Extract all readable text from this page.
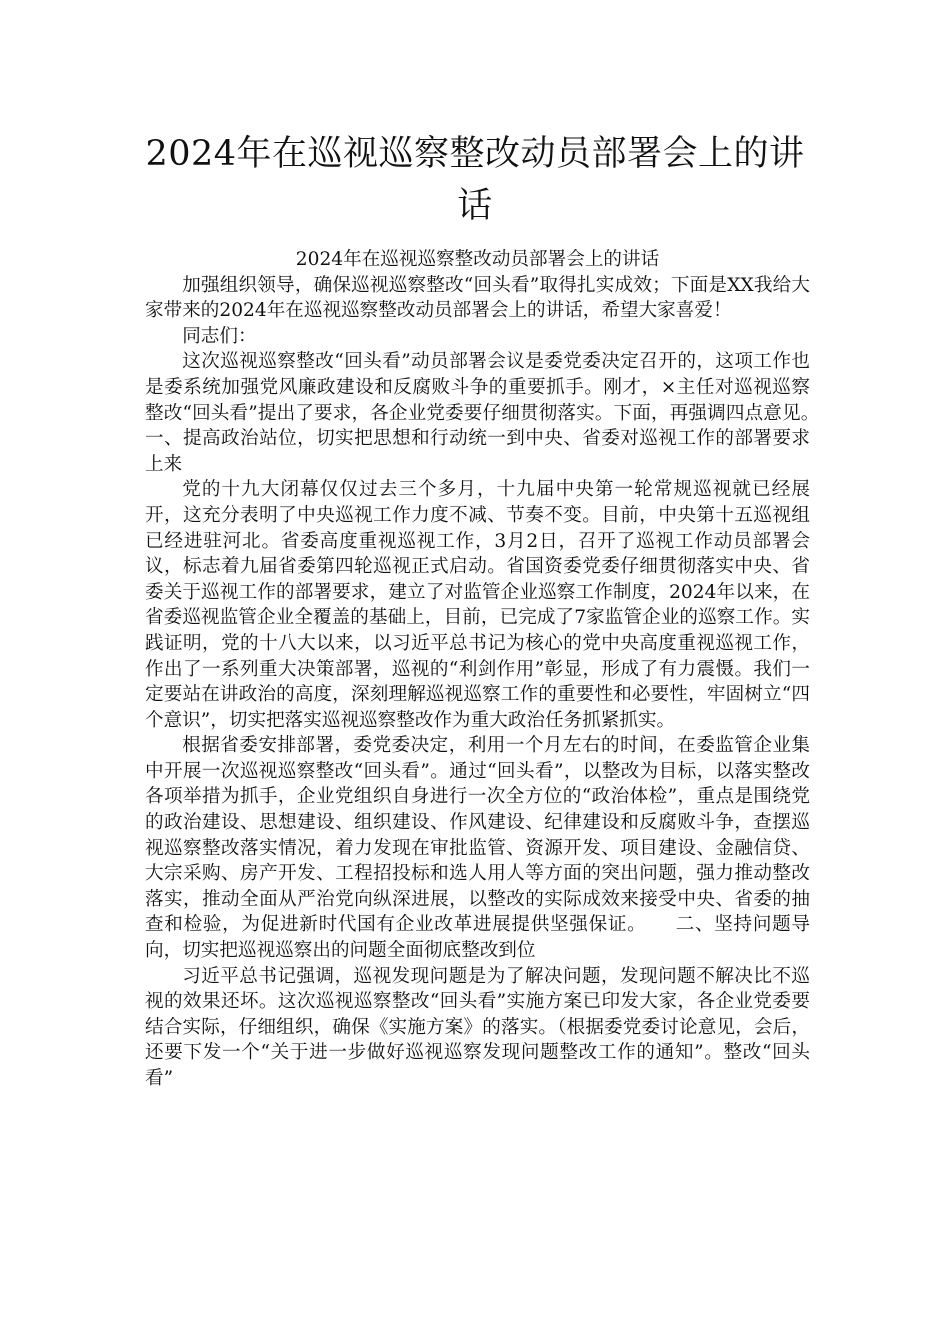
2024年在巡视巡察整改动员部署会上的讲话

2024年在巡视巡察整改动员部署会上的讲话

加强组织领导，确保巡视巡察整改“回头看”取得扎实成效；下面是XX我给大家带来的2024年在巡视巡察整改动员部署会上的讲话，希望大家喜爱！

同志们：

这次巡视巡察整改“回头看”动员部署会议是委党委决定召开的，这项工作也是委系统加强党风廉政建设和反腐败斗争的重要抓手。刚才，×主任对巡视巡察整改“回头看”提出了要求，各企业党委要仔细贯彻落实。下面，再强调四点意见。　　一、提高政治站位，切实把思想和行动统一到中央、省委对巡视工作的部署要求上来

党的十九大闭幕仅仅过去三个多月，十九届中央第一轮常规巡视就已经展开，这充分表明了中央巡视工作力度不减、节奏不变。目前，中央第十五巡视组已经进驻河北。省委高度重视巡视工作，3月2日，召开了巡视工作动员部署会议，标志着九届省委第四轮巡视正式启动。省国资委党委仔细贯彻落实中央、省委关于巡视工作的部署要求，建立了对监管企业巡察工作制度，2024年以来，在省委巡视监管企业全覆盖的基础上，目前，已完成了7家监管企业的巡察工作。实践证明，党的十八大以来，以习近平总书记为核心的党中央高度重视巡视工作，作出了一系列重大决策部署，巡视的“利剑作用”彰显，形成了有力震慑。我们一定要站在讲政治的高度，深刻理解巡视巡察工作的重要性和必要性，牢固树立“四个意识”，切实把落实巡视巡察整改作为重大政治任务抓紧抓实。

根据省委安排部署，委党委决定，利用一个月左右的时间，在委监管企业集中开展一次巡视巡察整改“回头看”。通过“回头看”，以整改为目标，以落实整改各项举措为抓手，企业党组织自身进行一次全方位的“政治体检”，重点是围绕党的政治建设、思想建设、组织建设、作风建设、纪律建设和反腐败斗争，查摆巡视巡察整改落实情况，着力发现在审批监管、资源开发、项目建设、金融信贷、大宗采购、房产开发、工程招投标和选人用人等方面的突出问题，强力推动整改落实，推动全面从严治党向纵深进展，以整改的实际成效来接受中央、省委的抽查和检验，为促进新时代国有企业改革进展提供坚强保证。　　二、坚持问题导向，切实把巡视巡察出的问题全面彻底整改到位

习近平总书记强调，巡视发现问题是为了解决问题，发现问题不解决比不巡视的效果还坏。这次巡视巡察整改“回头看”实施方案已印发大家，各企业党委要结合实际，仔细组织，确保《实施方案》的落实。（根据委党委讨论意见，会后，还要下发一个“关于进一步做好巡视巡察发现问题整改工作的通知”。整改“回头看”
